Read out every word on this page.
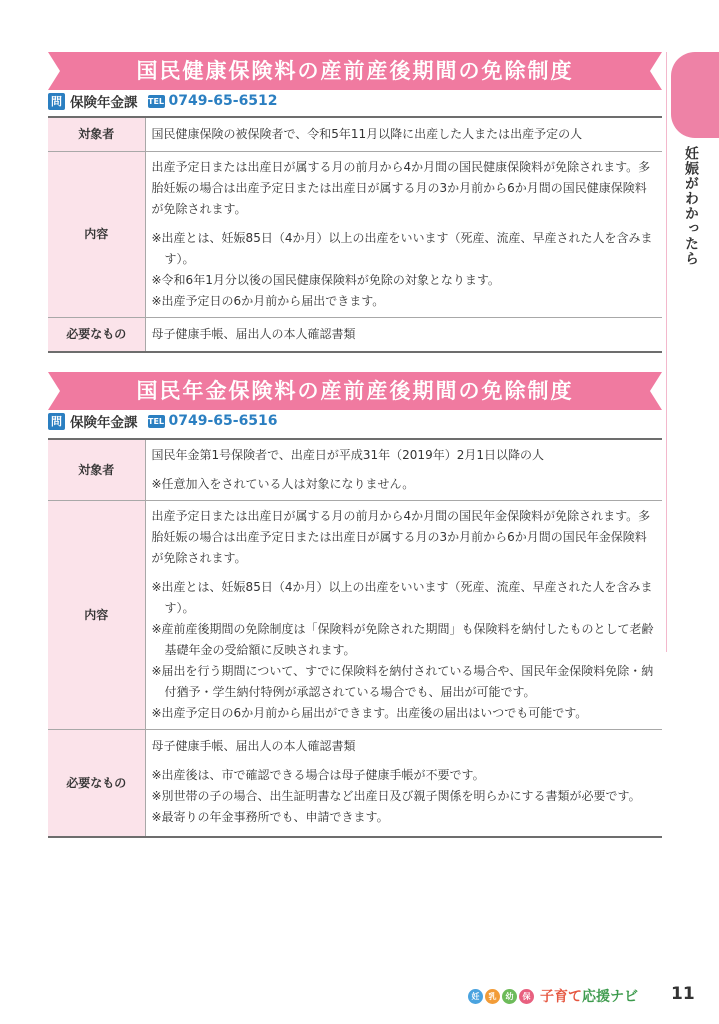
妊娠がわかったら
国民健康保険料の産前産後期間の免除制度
問 保険年金課 TEL 0749-65-6512
対象者	国民健康保険の被保険者で、令和5年11月以降に出産した人または出産予定の人

内容	出産予定日または出産日が属する月の前月から4か月間の国民健康保険料が免除されます。多胎妊娠の場合は出産予定日または出産日が属する月の3か月前から6か月間の国民健康保険料が免除されます。
※出産とは、妊娠85日（4か月）以上の出産をいいます（死産、流産、早産された人を含みます）。
※令和6年1月分以後の国民健康保険料が免除の対象となります。
※出産予定日の6か月前から届出できます。

必要なもの	母子健康手帳、届出人の本人確認書類
国民年金保険料の産前産後期間の免除制度
問 保険年金課 TEL 0749-65-6516
対象者	国民年金第1号保険者で、出産日が平成31年（2019年）2月1日以降の人
※任意加入をされている人は対象になりません。

内容	出産予定日または出産日が属する月の前月から4か月間の国民年金保険料が免除されます。多胎妊娠の場合は出産予定日または出産日が属する月の3か月前から6か月間の国民年金保険料が免除されます。
※出産とは、妊娠85日（4か月）以上の出産をいいます（死産、流産、早産された人を含みます）。
※産前産後期間の免除制度は「保険料が免除された期間」も保険料を納付したものとして老齢基礎年金の受給額に反映されます。
※届出を行う期間について、すでに保険料を納付されている場合や、国民年金保険料免除・納付猶予・学生納付特例が承認されている場合でも、届出が可能です。
※出産予定日の6か月前から届出ができます。出産後の届出はいつでも可能です。

必要なもの	母子健康手帳、届出人の本人確認書類
※出産後は、市で確認できる場合は母子健康手帳が不要です。
※別世帯の子の場合、出生証明書など出産日及び親子関係を明らかにする書類が必要です。
※最寄りの年金事務所でも、申請できます。
妊	乳	幼	保 子育て応援ナビ 11
